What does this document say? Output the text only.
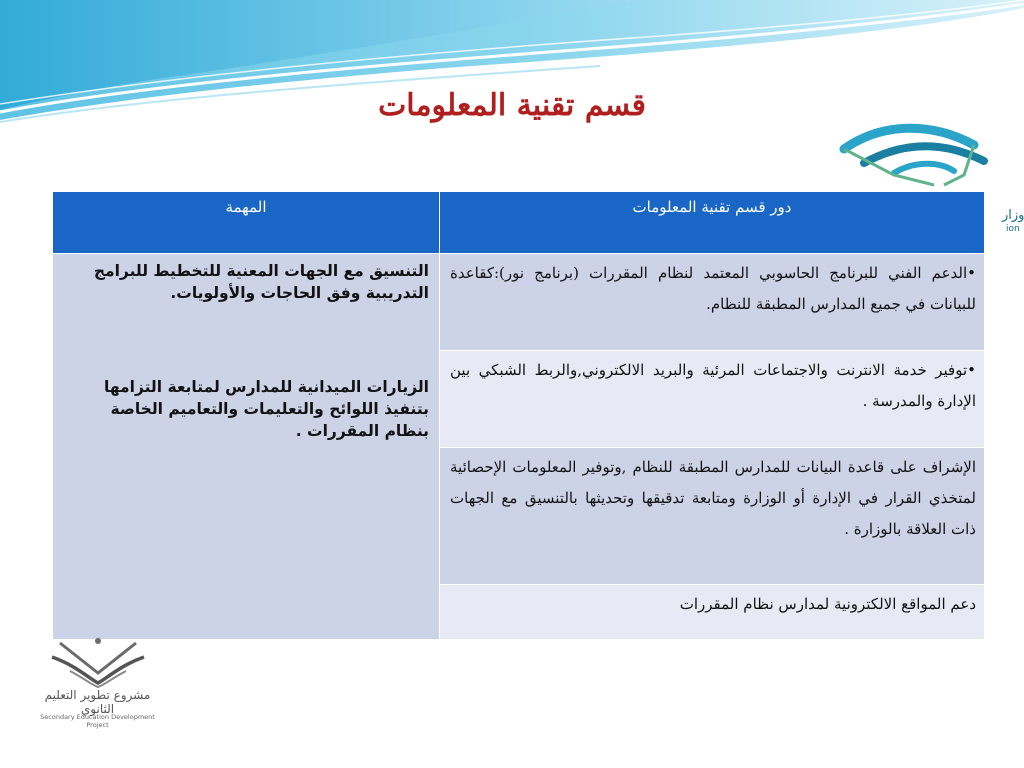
قسم تقنية المعلومات
وزار
ion
دور قسم تقنية المعلومات	المهمة
•الدعم الفني للبرنامج الحاسوبي المعتمد لنظام المقررات (برنامج نور):كقاعدة للبيانات في جميع المدارس المطبقة للنظام.	التنسيق مع الجهات المعنية للتخطيط للبرامج التدريبية وفق الحاجات والأولويات.

الزيارات الميدانية للمدارس لمتابعة التزامها بتنفيذ اللوائح والتعليمات والتعاميم الخاصة بنظام المقررات .

•توفير خدمة الانترنت والاجتماعات المرئية والبريد الالكتروني,والربط الشبكي بين الإدارة والمدرسة .	
الإشراف على قاعدة البيانات للمدارس المطبقة للنظام ,وتوفير المعلومات الإحصائية لمتخذي القرار في الإدارة أو الوزارة ومتابعة تدقيقها وتحديثها بالتنسيق مع الجهات ذات العلاقة بالوزارة .	
دعم المواقع الالكترونية لمدارس نظام المقررات	
مشروع تطوير التعليم الثانوي
Secondary Education Development Project
